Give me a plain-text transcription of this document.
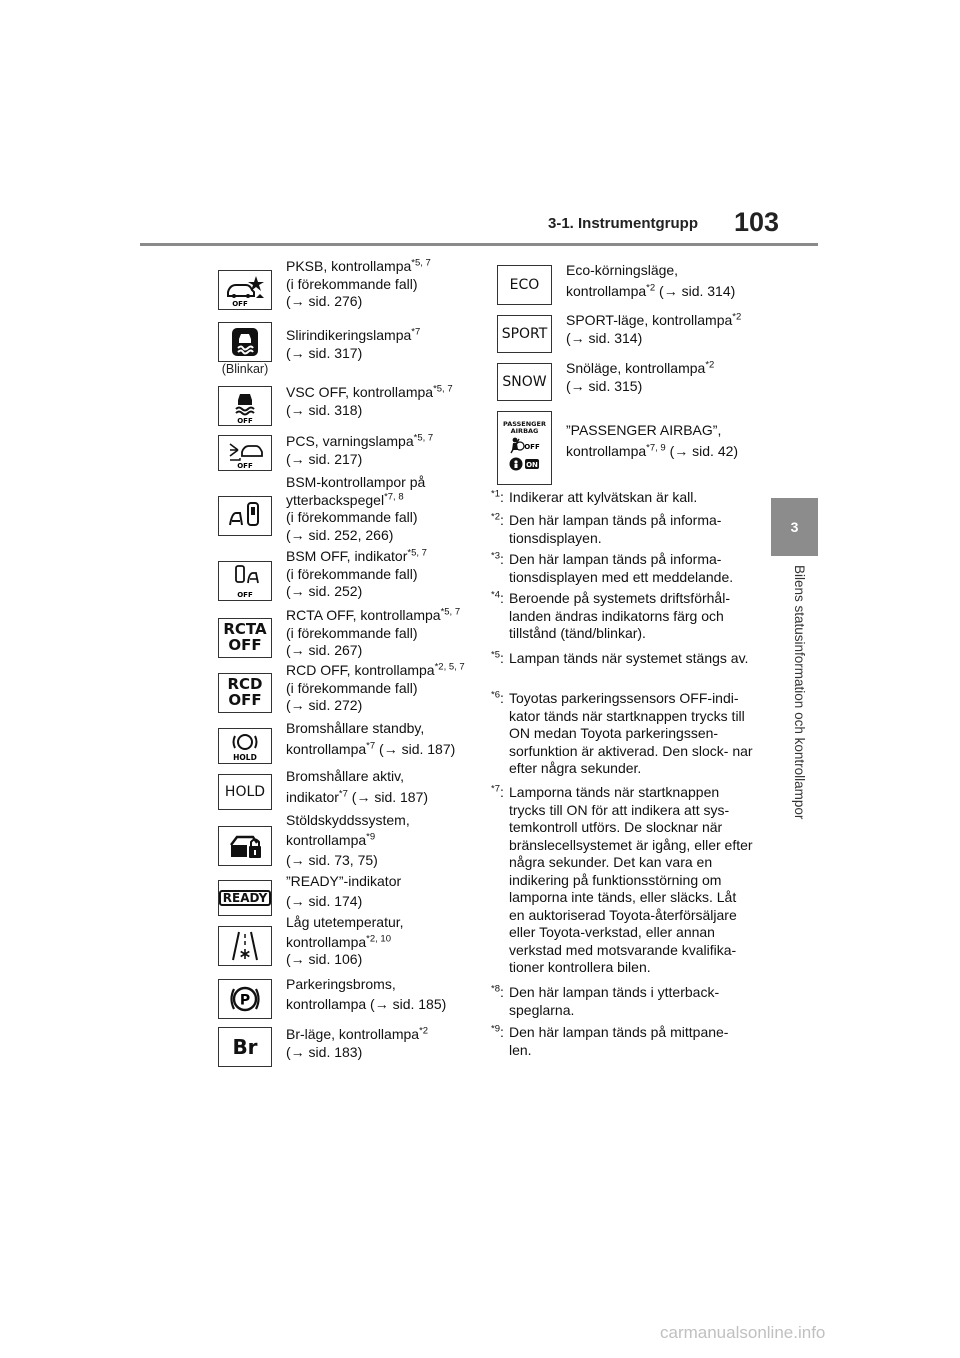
3-1. Instrumentgrupp 103
3
Bilens statusinformation och kontrollampor
OFF
(Blinkar)
OFF
OFF
OFF
RCTA
OFF
RCD
OFF
HOLD
HOLD
READY
P
Br
PKSB, kontrollampa$^{*5, 7}$
(i förekommande fall)
(→ sid. 276)
Slirindikeringslampa$^{*7}$
(→ sid. 317)
VSC OFF, kontrollampa$^{*5, 7}$
(→ sid. 318)
PCS, varningslampa$^{*5, 7}$
(→ sid. 217)
BSM-kontrollampor på
ytterbackspegel$^{*7, 8}$
(i förekommande fall)
(→ sid. 252, 266)
BSM OFF, indikator$^{*5, 7}$
(i förekommande fall)
(→ sid. 252)
RCTA OFF, kontrollampa$^{*5, 7}$
(i förekommande fall)
(→ sid. 267)
RCD OFF, kontrollampa$^{*2, 5, 7}$
(i förekommande fall)
(→ sid. 272)
Bromshållare standby,
kontrollampa$^{*7}$ (→ sid. 187)
Bromshållare aktiv,
indikator$^{*7}$ (→ sid. 187)
Stöldskyddssystem,
kontrollampa$^{*9}$
(→ sid. 73, 75)
”READY”-indikator
(→ sid. 174)
Låg utetemperatur,
kontrollampa$^{*2, 10}$
(→ sid. 106)
Parkeringsbroms,
kontrollampa (→ sid. 185)
Br-läge, kontrollampa$^{*2}$
(→ sid. 183)
ECO
SPORT
SNOW
PASSENGER
AIRBAG
OFF
ON
Eco-körningsläge,
kontrollampa$^{*2}$ (→ sid. 314)
SPORT-läge, kontrollampa$^{*2}$
(→ sid. 314)
Snöläge, kontrollampa$^{*2}$
(→ sid. 315)
”PASSENGER AIRBAG”,
kontrollampa$^{*7, 9}$ (→ sid. 42)
$^{*1}$: Indikerar att kylvätskan är kall.
$^{*2}$: Den här lampan tänds på informa- tionsdisplayen.
$^{*3}$: Den här lampan tänds på informa- tionsdisplayen med ett meddelande.
$^{*4}$: Beroende på systemets driftsförhål- landen ändras indikatorns färg och tillstånd (tänd/blinkar).
$^{*5}$: Lampan tänds när systemet stängs av.
$^{*6}$: Toyotas parkeringssensors OFF-indi- kator tänds när startknappen trycks till ON medan Toyota parkeringssen- sorfunktion är aktiverad. Den slock- nar efter några sekunder.
$^{*7}$: Lamporna tänds när startknappen trycks till ON för att indikera att sys- temkontroll utförs. De slocknar när bränslecellsystemet är igång, eller efter några sekunder. Det kan vara en indikering på funktionsstörning om lamporna inte tänds, eller släcks. Låt en auktoriserad Toyota-återförsäljare eller Toyota-verkstad, eller annan verkstad med motsvarande kvalifika- tioner kontrollera bilen.
$^{*8}$: Den här lampan tänds i ytterback- speglarna.
$^{*9}$: Den här lampan tänds på mittpane- len.
carmanualsonline.info
